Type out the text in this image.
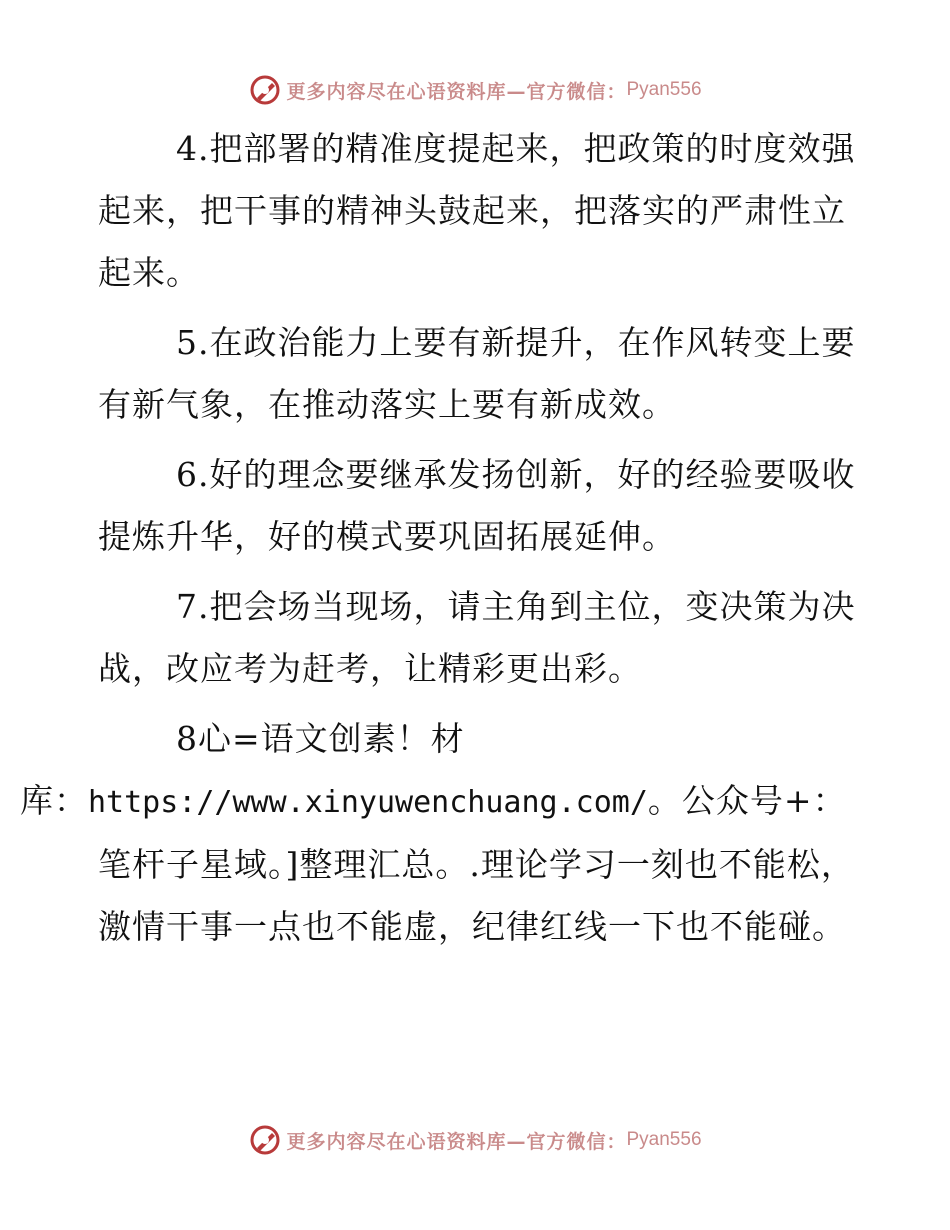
更多内容尽在心语资料库—官方微信： Pyan556

4.把部署的精准度提起来，把政策的时度效强起来，把干事的精神头鼓起来，把落实的严肃性立起来。

5.在政治能力上要有新提升，在作风转变上要有新气象，在推动落实上要有新成效。

6.好的理念要继承发扬创新，好的经验要吸收提炼升华，好的模式要巩固拓展延伸。

7.把会场当现场，请主角到主位，变决策为决战，改应考为赶考，让精彩更出彩。

8心=语文创素！材
库：https://www.xinyuwenchuang.com/。公众号+：笔杆子星域。]整理汇总。.理论学习一刻也不能松，激情干事一点也不能虚，纪律红线一下也不能碰。

更多内容尽在心语资料库—官方微信： Pyan556
